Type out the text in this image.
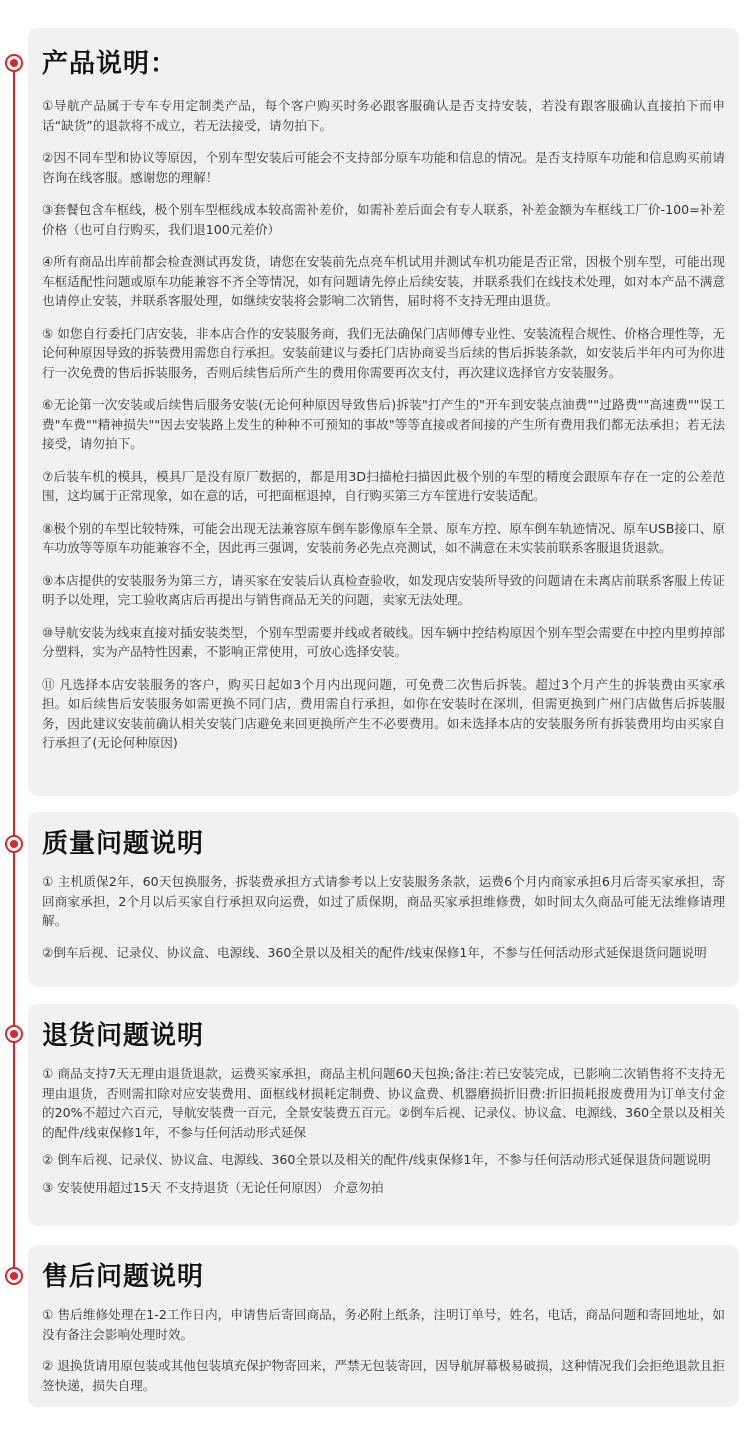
产品说明：

①导航产品属于专车专用定制类产品，每个客户购买时务必跟客服确认是否支持安装，若没有跟客服确认直接拍下而申话“缺货”的退款将不成立，若无法接受，请勿拍下。

②因不同车型和协议等原因，个别车型安装后可能会不支持部分原车功能和信息的情况。是否支持原车功能和信息购买前请咨询在线客服。感谢您的理解！

③套餐包含车框线，极个别车型框线成本较高需补差价，如需补差后面会有专人联系，补差金额为车框线工厂价-100=补差价格（也可自行购买，我们退100元差价）

④所有商品出库前都会检查测试再发货，请您在安装前先点亮车机试用并测试车机功能是否正常，因极个别车型，可能出现车框适配性问题或原车功能兼容不齐全等情况，如有问题请先停止后续安装，并联系我们在线技术处理，如对本产品不满意也请停止安装，并联系客服处理，如继续安装将会影响二次销售，届时将不支持无理由退货。

⑤ 如您自行委托门店安装，非本店合作的安装服务商，我们无法确保门店师傅专业性、安装流程合规性、价格合理性等，无论何种原因导致的拆装费用需您自行承担。安装前建议与委托门店协商妥当后续的售后拆装条款，如安装后半年内可为你进行一次免费的售后拆装服务，否则后续售后所产生的费用你需要再次支付，再次建议选择官方安装服务。

⑥无论第一次安装或后续售后服务安装(无论何种原因导致售后)拆装"打产生的"开车到安装点油费""过路费""高速费""误工费"车费""精神损失""因去安装路上发生的种种不可预知的事故"等等直接或者间接的产生所有费用我们都无法承担；若无法接受，请勿拍下。

⑦后装车机的模具，模具厂是没有原厂数据的，都是用3D扫描枪扫描因此极个别的车型的精度会跟原车存在一定的公差范围，这均属于正常现象，如在意的话，可把面框退掉，自行购买第三方车筐进行安装适配。

⑧极个别的车型比较特殊，可能会出现无法兼容原车倒车影像原车全景、原车方控、原车倒车轨迹情况、原车USB接口、原车功放等等原车功能兼容不全，因此再三强调，安装前务必先点亮测试，如不满意在未实装前联系客服退货退款。

⑨本店提供的安装服务为第三方，请买家在安装后认真检查验收，如发现店安装所导致的问题请在未离店前联系客服上传证明予以处理，完工验收离店后再提出与销售商品无关的问题，卖家无法处理。

⑩导航安装为线束直接对插安装类型，个别车型需要并线或者破线。因车辆中控结构原因个别车型会需要在中控内里剪掉部分塑料，实为产品特性因素，不影响正常使用，可放心选择安装。

⑪ 凡选择本店安装服务的客户，购买日起如3个月内出现问题，可免费二次售后拆装。超过3个月产生的拆装费由买家承担。如后续售后安装服务如需更换不同门店，费用需自行承担，如你在安装时在深圳，但需更换到广州门店做售后拆装服务，因此建议安装前确认相关安装门店避免来回更换所产生不必要费用。如未选择本店的安装服务所有拆装费用均由买家自行承担了(无论何种原因)

质量问题说明

① 主机质保2年，60天包换服务，拆装费承担方式请参考以上安装服务条款，运费6个月内商家承担6月后寄买家承担，寄回商家承担，2个月以后买家自行承担双向运费，如过了质保期，商品买家承担维修费，如时间太久商品可能无法维修请理解。

②倒车后视、记录仪、协议盒、电源线、360全景以及相关的配件/线束保修1年，不参与任何活动形式延保退货问题说明

退货问题说明

① 商品支持7天无理由退货退款，运费买家承担，商品主机问题60天包换;备注:若已安装完成，已影响二次销售将不支持无理由退货，否则需扣除对应安装费用、面框线材损耗定制费、协议盒费、机器磨损折旧费:折旧损耗报废费用为订单支付金的20%不超过六百元，导航安装费一百元，全景安装费五百元。②倒车后视、记录仪、协议盒、电源线、360全景以及相关的配件/线束保修1年，不参与任何活动形式延保

② 倒车后视、记录仪、协议盒、电源线、360全景以及相关的配件/线束保修1年，不参与任何活动形式延保退货问题说明

③ 安装使用超过15天 不支持退货（无论任何原因） 介意勿拍

售后问题说明

① 售后维修处理在1-2工作日内，申请售后寄回商品，务必附上纸条，注明订单号，姓名，电话，商品问题和寄回地址，如没有备注会影响处理时效。

② 退换货请用原包装或其他包装填充保护物寄回来，严禁无包装寄回，因导航屏幕极易破损，这种情况我们会拒绝退款且拒签快递，损失自理。
